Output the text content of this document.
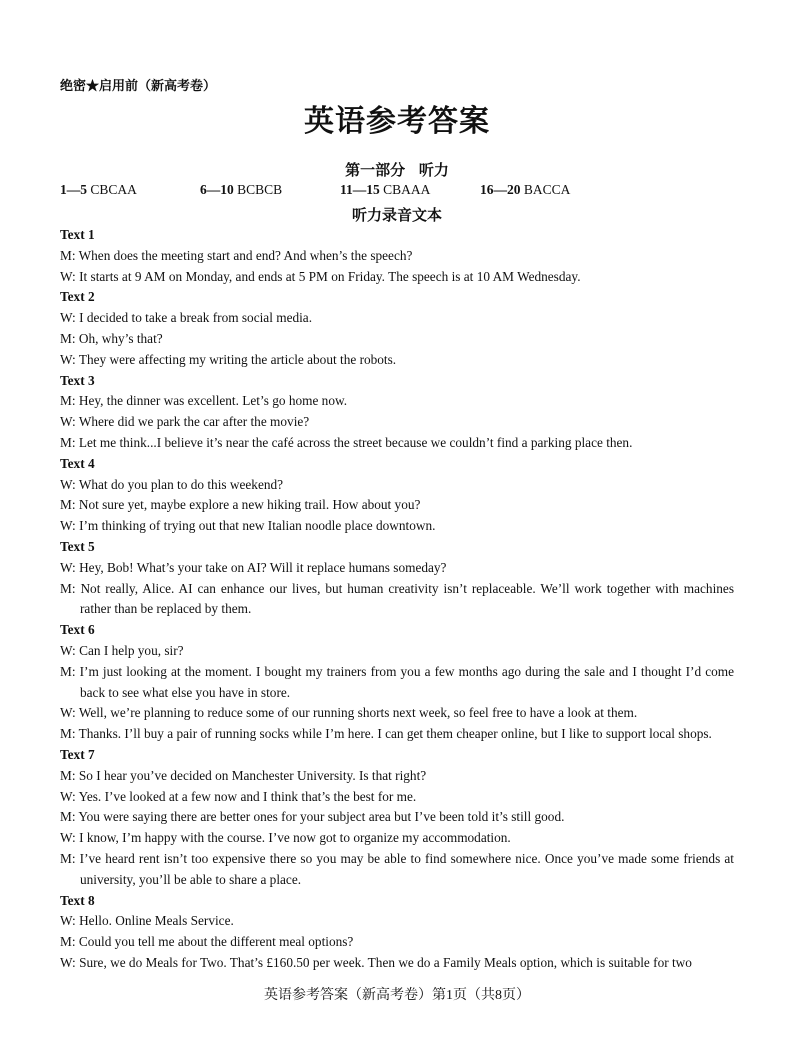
绝密★启用前（新高考卷）
英语参考答案
第一部分 听力
1—5 CBCAA	6—10 BCBCB	11—15 CBAAA	16—20 BACCA
听力录音文本
Text 1
M: When does the meeting start and end? And when’s the speech?
W: It starts at 9 AM on Monday, and ends at 5 PM on Friday. The speech is at 10 AM Wednesday.
Text 2
W: I decided to take a break from social media.
M: Oh, why’s that?
W: They were affecting my writing the article about the robots.
Text 3
M: Hey, the dinner was excellent. Let’s go home now.
W: Where did we park the car after the movie?
M: Let me think...I believe it’s near the café across the street because we couldn’t find a parking place then.
Text 4
W: What do you plan to do this weekend?
M: Not sure yet, maybe explore a new hiking trail. How about you?
W: I’m thinking of trying out that new Italian noodle place downtown.
Text 5
W: Hey, Bob! What’s your take on AI? Will it replace humans someday?
M: Not really, Alice. AI can enhance our lives, but human creativity isn’t replaceable. We’ll work together with machines rather than be replaced by them.
Text 6
W: Can I help you, sir?
M: I’m just looking at the moment. I bought my trainers from you a few months ago during the sale and I thought I’d come back to see what else you have in store.
W: Well, we’re planning to reduce some of our running shorts next week, so feel free to have a look at them.
M: Thanks. I’ll buy a pair of running socks while I’m here. I can get them cheaper online, but I like to support local shops.
Text 7
M: So I hear you’ve decided on Manchester University. Is that right?
W: Yes. I’ve looked at a few now and I think that’s the best for me.
M: You were saying there are better ones for your subject area but I’ve been told it’s still good.
W: I know, I’m happy with the course. I’ve now got to organize my accommodation.
M: I’ve heard rent isn’t too expensive there so you may be able to find somewhere nice. Once you’ve made some friends at university, you’ll be able to share a place.
Text 8
W: Hello. Online Meals Service.
M: Could you tell me about the different meal options?
W: Sure, we do Meals for Two. That’s £160.50 per week. Then we do a Family Meals option, which is suitable for two
英语参考答案（新高考卷）第1页（共8页）
